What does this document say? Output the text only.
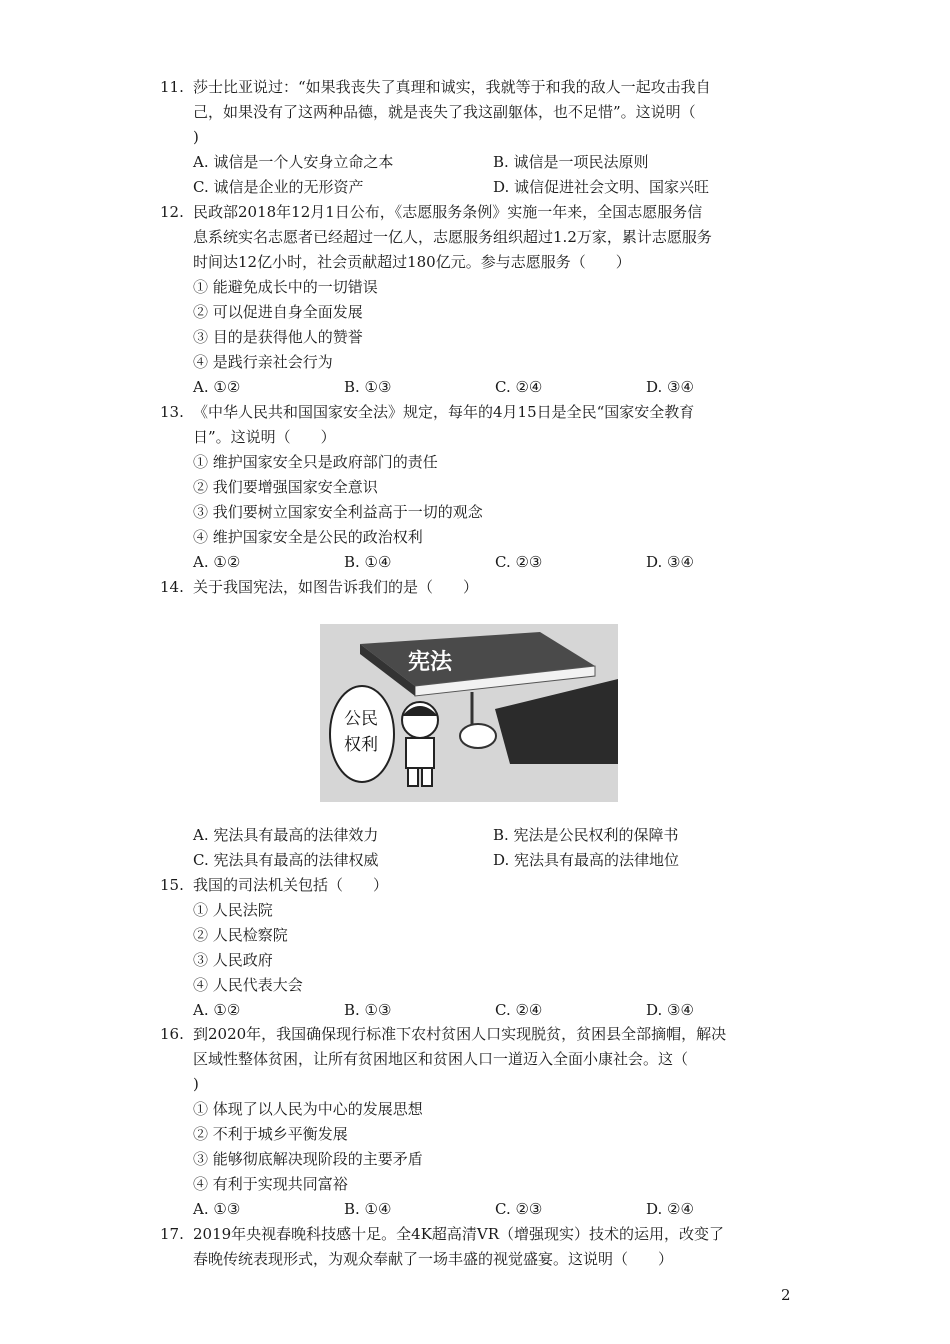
11. 莎士比亚说过：“如果我丧失了真理和诚实，我就等于和我的敌人一起攻击我自
己，如果没有了这两种品德，就是丧失了我这副躯体，也不足惜”。这说明（
)
A. 诚信是一个人安身立命之本	B. 诚信是一项民法原则
C. 诚信是企业的无形资产	D. 诚信促进社会文明、国家兴旺
12. 民政部2018年12月1日公布，《志愿服务条例》实施一年来，全国志愿服务信
息系统实名志愿者已经超过一亿人，志愿服务组织超过1.2万家，累计志愿服务
时间达12亿小时，社会贡献超过180亿元。参与志愿服务（　　）
① 能避免成长中的一切错误
② 可以促进自身全面发展
③ 目的是获得他人的赞誉
④ 是践行亲社会行为
A. ①②	B. ①③	C. ②④	D. ③④
13. 《中华人民共和国国家安全法》规定，每年的4月15日是全民“国家安全教育
日”。这说明（　　）
① 维护国家安全只是政府部门的责任
② 我们要增强国家安全意识
③ 我们要树立国家安全利益高于一切的观念
④ 维护国家安全是公民的政治权利
A. ①②	B. ①④	C. ②③	D. ③④
14. 关于我国宪法，如图告诉我们的是（　　）
宪法
公民
权利
A. 宪法具有最高的法律效力	B. 宪法是公民权利的保障书
C. 宪法具有最高的法律权威	D. 宪法具有最高的法律地位
15. 我国的司法机关包括（　　）
① 人民法院
② 人民检察院
③ 人民政府
④ 人民代表大会
A. ①②	B. ①③	C. ②④	D. ③④
16. 到2020年，我国确保现行标准下农村贫困人口实现脱贫，贫困县全部摘帽，解决
区域性整体贫困，让所有贫困地区和贫困人口一道迈入全面小康社会。这（
)
① 体现了以人民为中心的发展思想
② 不利于城乡平衡发展
③ 能够彻底解决现阶段的主要矛盾
④ 有利于实现共同富裕
A. ①③	B. ①④	C. ②③	D. ②④
17. 2019年央视春晚科技感十足。全4K超高清VR（增强现实）技术的运用，改变了
春晚传统表现形式，为观众奉献了一场丰盛的视觉盛宴。这说明（　　）
2
